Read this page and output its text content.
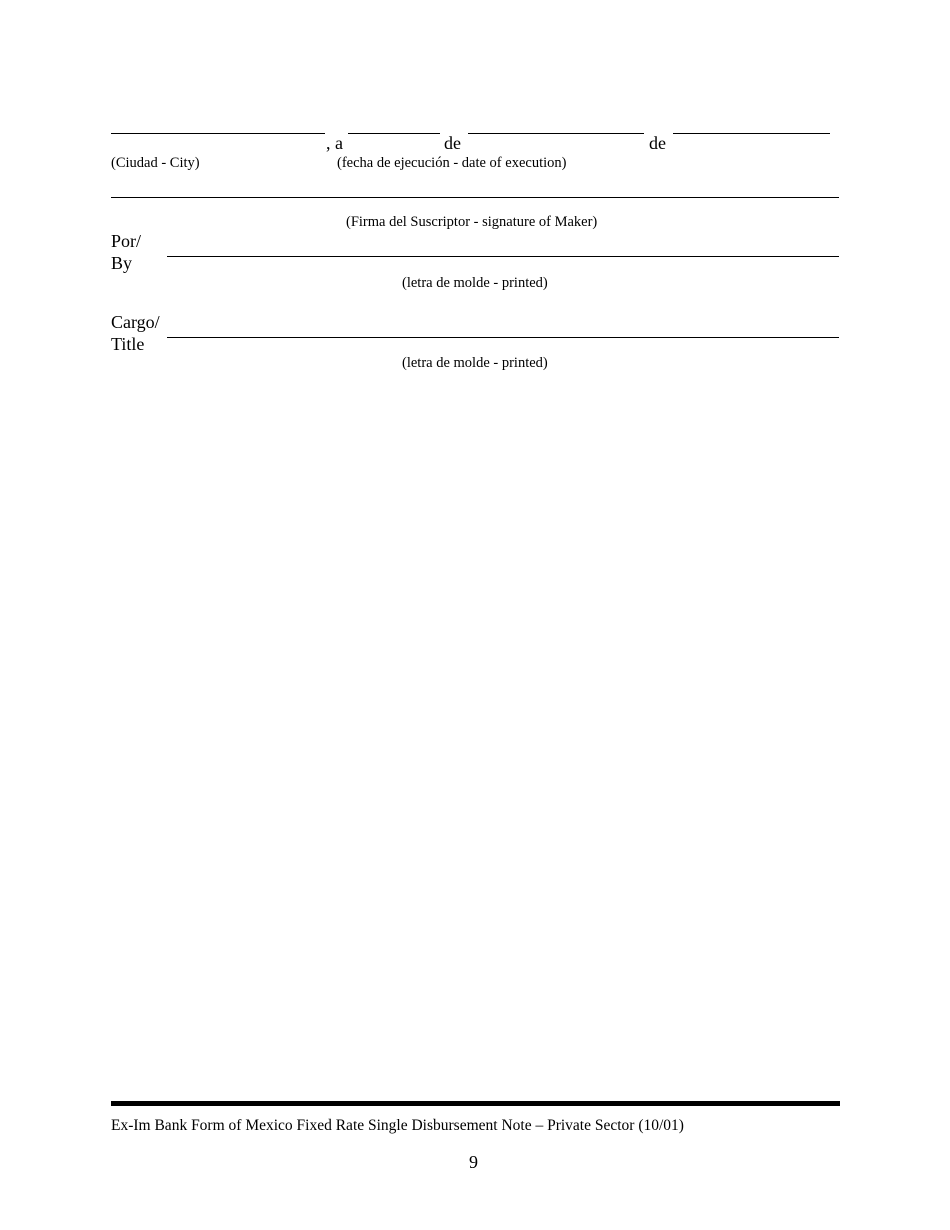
, a	de	de
(Ciudad - City)	(fecha de ejecución - date of execution)
(Firma del Suscriptor - signature of Maker)
Por/
By
(letra de molde - printed)
Cargo/
Title
(letra de molde - printed)
Ex-Im Bank Form of Mexico Fixed Rate Single Disbursement Note – Private Sector (10/01)
9
